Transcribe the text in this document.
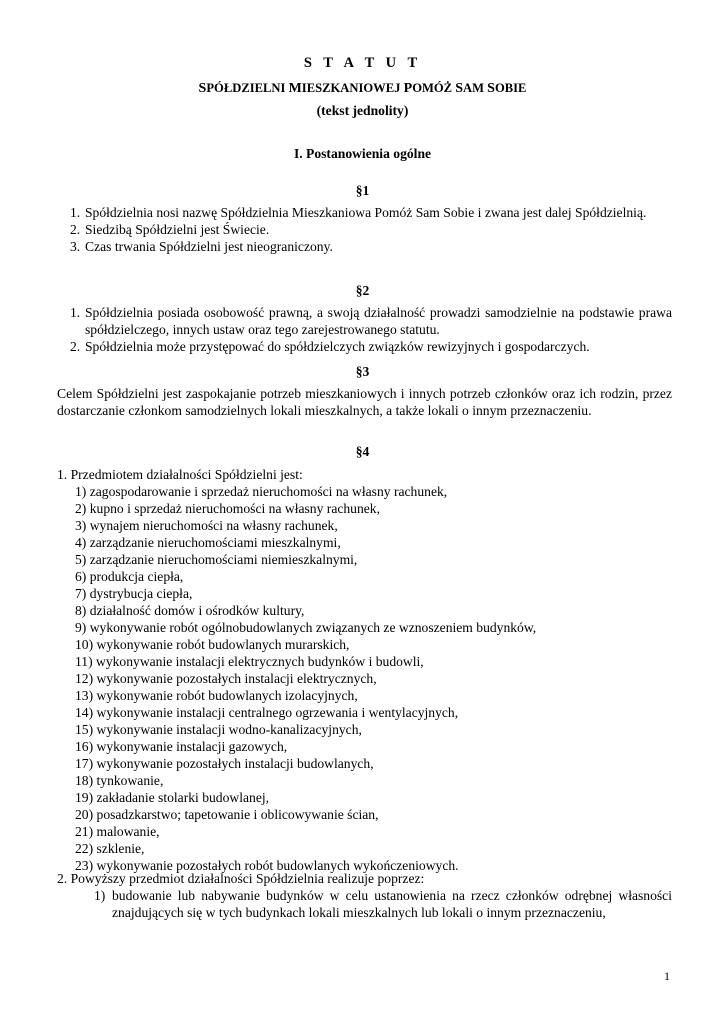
S T A T U T
SPÓŁDZIELNI MIESZKANIOWEJ POMÓŻ SAM SOBIE
(tekst jednolity)
I. Postanowienia ogólne
§1
1. Spółdzielnia nosi nazwę Spółdzielnia Mieszkaniowa Pomóż Sam Sobie i zwana jest dalej Spółdzielnią.
2. Siedzibą Spółdzielni jest Świecie.
3. Czas trwania Spółdzielni jest nieograniczony.
§2
1. Spółdzielnia posiada osobowość prawną, a swoją działalność prowadzi samodzielnie na podstawie prawa spółdzielczego, innych ustaw oraz tego zarejestrowanego statutu.
2. Spółdzielnia może przystępować do spółdzielczych związków rewizyjnych i gospodarczych.
§3
Celem Spółdzielni jest zaspokajanie potrzeb mieszkaniowych i innych potrzeb członków oraz ich rodzin, przez dostarczanie członkom samodzielnych lokali mieszkalnych, a także lokali o innym przeznaczeniu.
§4
1. Przedmiotem działalności Spółdzielni jest:
1) zagospodarowanie i sprzedaż nieruchomości na własny rachunek,
2) kupno i sprzedaż nieruchomości na własny rachunek,
3) wynajem nieruchomości na własny rachunek,
4) zarządzanie nieruchomościami mieszkalnymi,
5) zarządzanie nieruchomościami niemieszkalnymi,
6) produkcja ciepła,
7) dystrybucja ciepła,
8) działalność domów i ośrodków kultury,
9) wykonywanie robót ogólnobudowlanych związanych ze wznoszeniem budynków,
10) wykonywanie robót budowlanych murarskich,
11) wykonywanie instalacji elektrycznych budynków i budowli,
12) wykonywanie pozostałych instalacji elektrycznych,
13) wykonywanie robót budowlanych izolacyjnych,
14) wykonywanie instalacji centralnego ogrzewania i wentylacyjnych,
15) wykonywanie instalacji wodno-kanalizacyjnych,
16) wykonywanie instalacji gazowych,
17) wykonywanie pozostałych instalacji budowlanych,
18) tynkowanie,
19) zakładanie stolarki budowlanej,
20) posadzkarstwo; tapetowanie i oblicowywanie ścian,
21) malowanie,
22) szklenie,
23) wykonywanie pozostałych robót budowlanych wykończeniowych.
2. Powyższy przedmiot działalności Spółdzielnia realizuje poprzez:
1) budowanie lub nabywanie budynków w celu ustanowienia na rzecz członków odrębnej własności znajdujących się w tych budynkach lokali mieszkalnych lub lokali o innym przeznaczeniu,
1
